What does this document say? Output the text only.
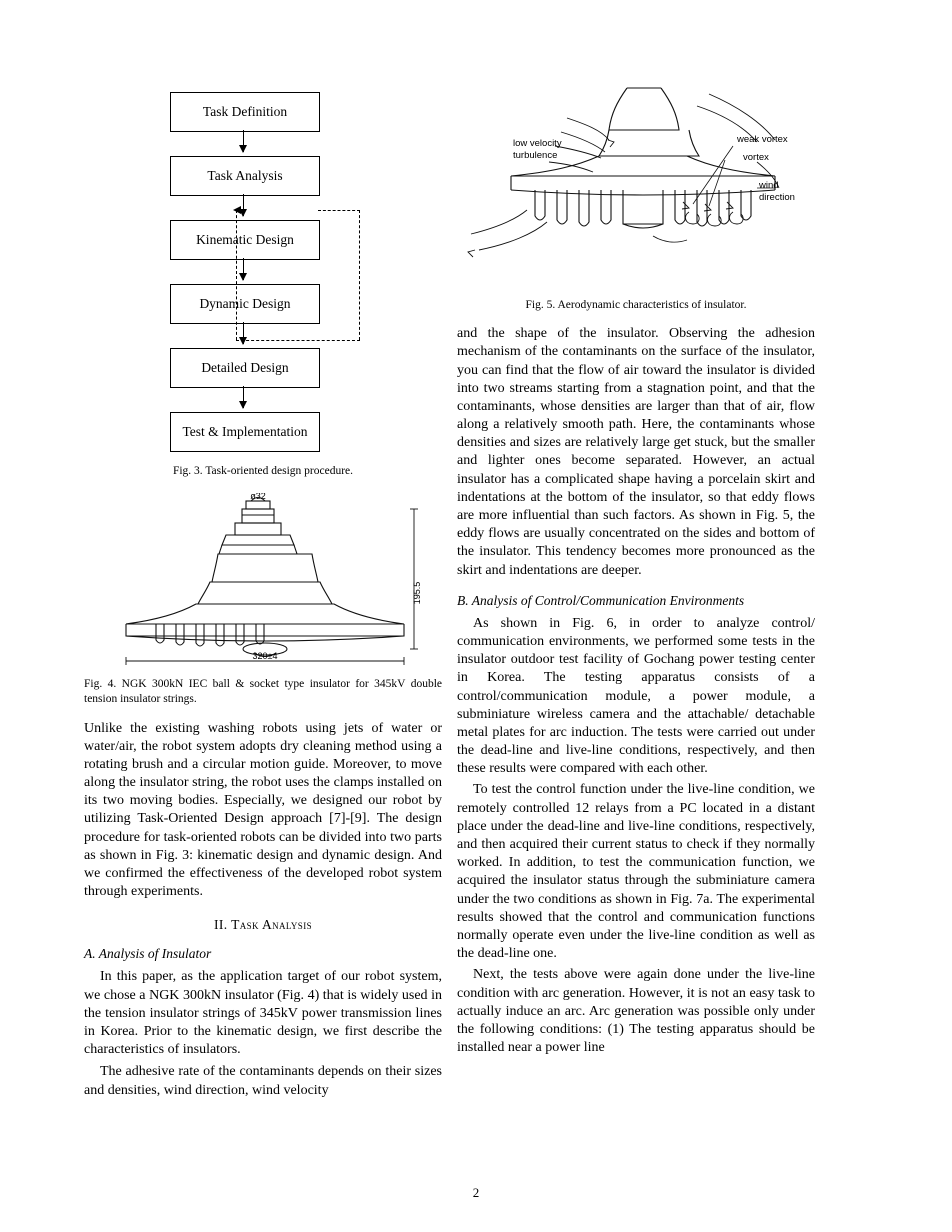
Task Definition
Task Analysis
Kinematic Design
Dynamic Design
Detailed Design
Test & Implementation
Fig. 3. Task-oriented design procedure.
195.5
320±4
ø32
Fig. 4. NGK 300kN IEC ball & socket type insulator for 345kV double tension insulator strings.

Unlike the existing washing robots using jets of water or water/air, the robot system adopts dry cleaning method using a rotating brush and a circular motion guide. Moreover, to move along the insulator string, the robot uses the clamps installed on its two moving bodies. Especially, we designed our robot by utilizing Task-Oriented Design approach [7]-[9]. The design procedure for task-oriented robots can be divided into two parts as shown in Fig. 3: kinematic design and dynamic design. And we confirmed the effectiveness of the developed robot system through experiments.

II. Task Analysis
A. Analysis of Insulator

In this paper, as the application target of our robot system, we chose a NGK 300kN insulator (Fig. 4) that is widely used in the tension insulator strings of 345kV power transmission lines in Korea. Prior to the kinematic design, we first describe the characteristics of insulators.

The adhesive rate of the contaminants depends on their sizes and densities, wind direction, wind velocity

low velocity
turbulence
weak vortex
vortex
wind
direction
Fig. 5. Aerodynamic characteristics of insulator.

and the shape of the insulator. Observing the adhesion mechanism of the contaminants on the surface of the insulator, you can find that the flow of air toward the insulator is divided into two streams starting from a stagnation point, and that the contaminants, whose densities are larger than that of air, flow along a relatively smooth path. Here, the contaminants whose densities and sizes are relatively large get stuck, but the smaller and lighter ones become separated. However, an actual insulator has a complicated shape having a porcelain skirt and indentations at the bottom of the insulator, so that eddy flows are more influential than such factors. As shown in Fig. 5, the eddy flows are usually concentrated on the sides and bottom of the insulator. This tendency becomes more pronounced as the skirt and indentations are deeper.

B. Analysis of Control/Communication Environments

As shown in Fig. 6, in order to analyze control/ communication environments, we performed some tests in the insulator outdoor test facility of Gochang power testing center in Korea. The testing apparatus consists of a control/communication module, a power module, a subminiature wireless camera and the attachable/ detachable metal plates for arc induction. The tests were carried out under the dead-line and live-line conditions, respectively, and then these results were compared with each other.

To test the control function under the live-line condition, we remotely controlled 12 relays from a PC located in a distant place under the dead-line and live-line conditions, respectively, and then acquired their current status to check if they normally worked. In addition, to test the communication function, we acquired the insulator status through the subminiature camera under the two conditions as shown in Fig. 7a. The experimental results showed that the control and communication functions normally operate even under the live-line condition as well as the dead-line one.

Next, the tests above were again done under the live-line condition with arc generation. However, it is not an easy task to actually induce an arc. Arc generation was possible only under the following conditions: (1) The testing apparatus should be installed near a power line

2
